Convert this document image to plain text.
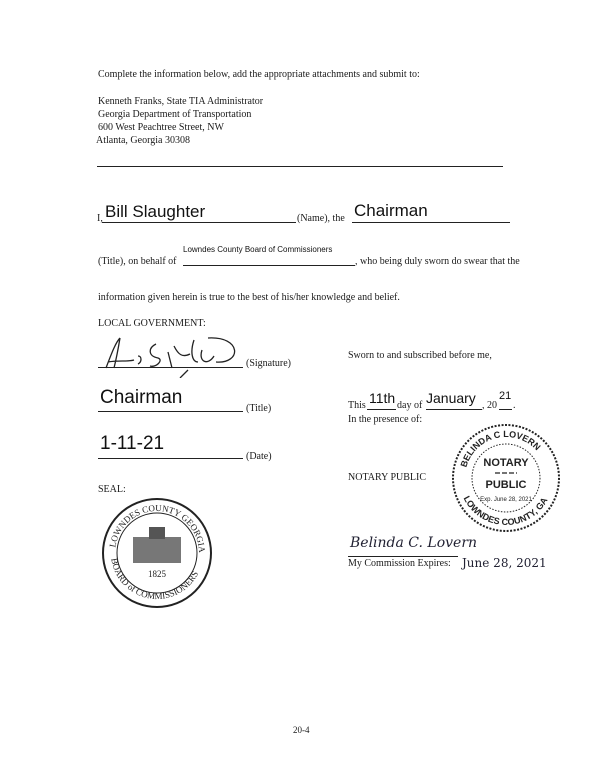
Complete the information below, add the appropriate attachments and submit to:
Kenneth Franks, State TIA Administrator
Georgia Department of Transportation
600 West Peachtree Street, NW
Atlanta, Georgia 30308
I, Bill Slaughter	(Name), the Chairman
(Title), on behalf of
Lowndes County Board of Commissioners
, who being duly sworn do swear that the
information given herein is true to the best of his/her knowledge and belief.
LOCAL GOVERNMENT:
(Signature)
Chairman
(Title)
1-11-21
(Date)
SEAL:
LOWNDES COUNTY GEORGIA
BOARD of COMMISSIONERS
1825
Sworn to and subscribed before me,
This 11th day of January , 20
21
.
In the presence of:
NOTARY PUBLIC
BELINDA C LOVERN
LOWNDES COUNTY, GA
NOTARY
PUBLIC
Exp. June 28, 2021
Belinda C. Lovern
My Commission Expires: June 28, 2021
20-4
